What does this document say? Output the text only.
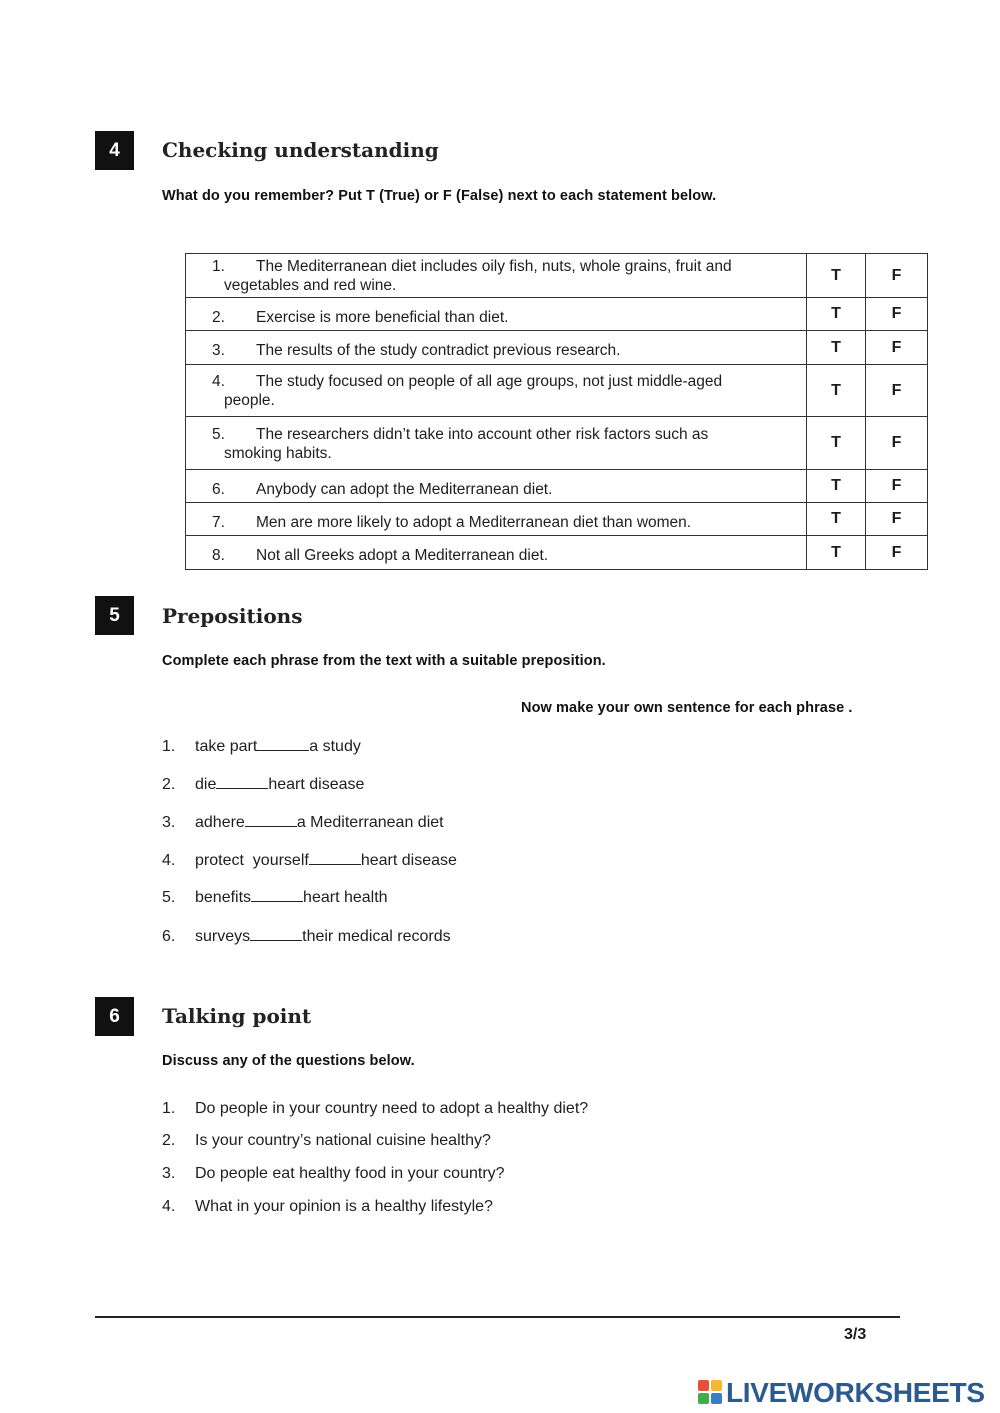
4	Checking understanding
What do you remember? Put T (True) or F (False) next to each statement below.
1. The Mediterranean diet includes oily fish, nuts, whole grains, fruit and
vegetables and red wine.	T	F
2. Exercise is more beneficial than diet.	T	F
3. The results of the study contradict previous research.	T	F
4. The study focused on people of all age groups, not just middle-aged
people.	T	F
5. The researchers didn’t take into account other risk factors such as
smoking habits.	T	F
6. Anybody can adopt the Mediterranean diet.	T	F
7. Men are more likely to adopt a Mediterranean diet than women.	T	F
8. Not all Greeks adopt a Mediterranean diet.	T	F
5	Prepositions
Complete each phrase from the text with a suitable preposition.
Now make your own sentence for each phrase .
1. take part	a study
2. die	heart disease
3. adhere	a Mediterranean diet
4. protect  yourself	heart disease
5. benefits	heart health
6. surveys	their medical records
6	Talking point
Discuss any of the questions below.
1. Do people in your country need to adopt a healthy diet?
2. Is your country’s national cuisine healthy?
3. Do people eat healthy food in your country?
4. What in your opinion is a healthy lifestyle?
3/3
LIVEWORKSHEETS
